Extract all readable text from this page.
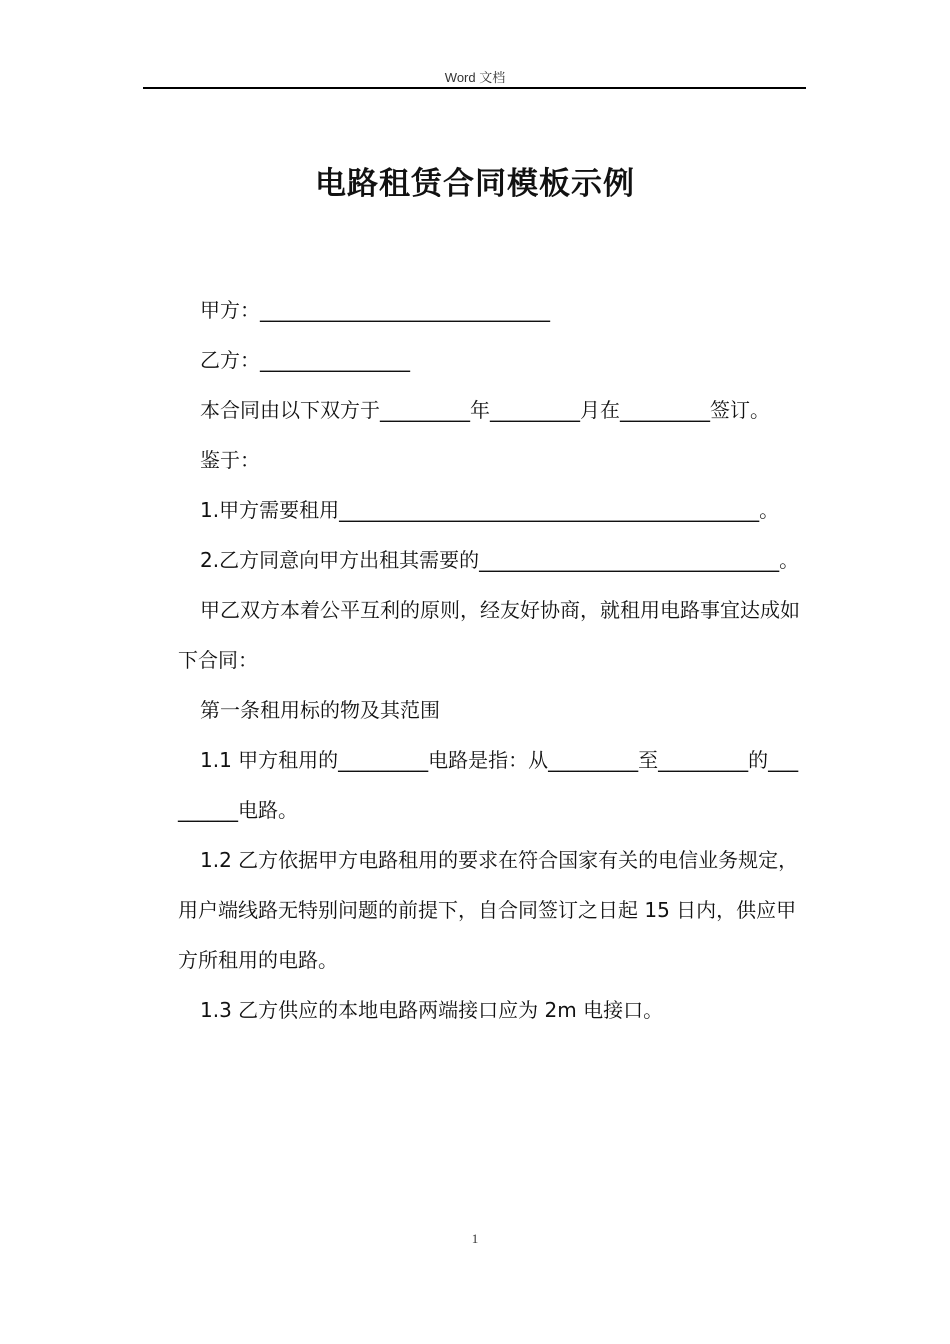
Word 文档
电路租赁合同模板示例

甲方：_____________________________

乙方：_______________

本合同由以下双方于_________年_________月在_________签订。

鉴于：

1.甲方需要租用__________________________________________。

2.乙方同意向甲方出租其需要的______________________________。

甲乙双方本着公平互利的原则，经友好协商，就租用电路事宜达成如下合同：

第一条租用标的物及其范围

1.1 甲方租用的_________电路是指：从_________至_________的_________电路。

1.2 乙方依据甲方电路租用的要求在符合国家有关的电信业务规定，用户端线路无特别问题的前提下，自合同签订之日起 15 日内，供应甲方所租用的电路。

1.3 乙方供应的本地电路两端接口应为 2m 电接口。

1
